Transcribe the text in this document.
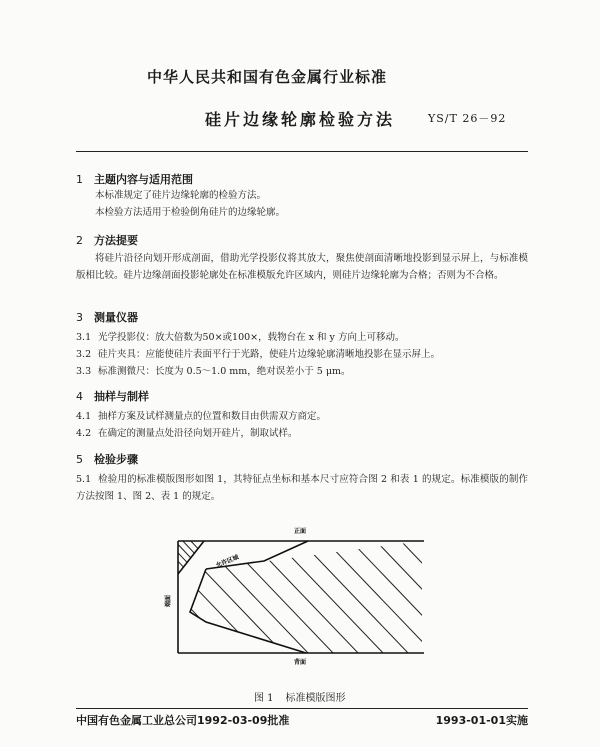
中华人民共和国有色金属行业标准
硅片边缘轮廓检验方法	YS/T 26－92
1 主题内容与适用范围
本标准规定了硅片边缘轮廓的检验方法。
本检验方法适用于检验倒角硅片的边缘轮廓。
2 方法提要
将硅片沿径向划开形成剖面，借助光学投影仪将其放大，聚焦使剖面清晰地投影到显示屏上，与标准模版相比较。硅片边缘剖面投影轮廓处在标准模版允许区域内，则硅片边缘轮廓为合格；否则为不合格。
3 测量仪器
3.1 光学投影仪：放大倍数为50×或100×，载物台在 x 和 y 方向上可移动。
3.2 硅片夹具：应能使硅片表面平行于光路，使硅片边缘轮廓清晰地投影在显示屏上。
3.3 标准测微尺：长度为 0.5～1.0 mm，绝对误差小于 5 μm。
4 抽样与制样
4.1 抽样方案及试样测量点的位置和数目由供需双方商定。
4.2 在确定的测量点处沿径向划开硅片，制取试样。
5 检验步骤
5.1 检验用的标准模版图形如图 1，其特征点坐标和基本尺寸应符合图 2 和表 1 的规定。标准模版的制作方法按图 1、图 2、表 1 的规定。
正面
背面
端面
允许区域
图 1 标准模版图形
中国有色金属工业总公司1992-03-09批准	1993-01-01实施
